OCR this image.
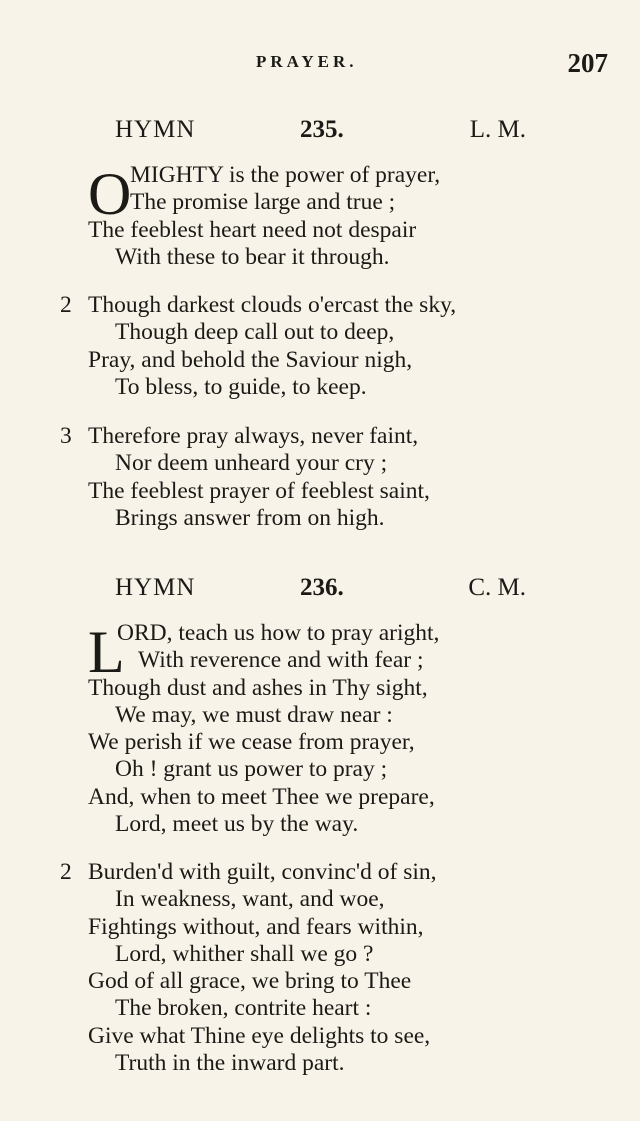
PRAYER.	207
HYMN	235.	L. M.
O
MIGHTY is the power of prayer,
The promise large and true ;
The feeblest heart need not despair
With these to bear it through.
2 Though darkest clouds o'ercast the sky,
Though deep call out to deep,
Pray, and behold the Saviour nigh,
To bless, to guide, to keep.
3 Therefore pray always, never faint,
Nor deem unheard your cry ;
The feeblest prayer of feeblest saint,
Brings answer from on high.
HYMN	236.	C. M.
L
ORD, teach us how to pray aright,
With reverence and with fear ;
Though dust and ashes in Thy sight,
We may, we must draw near :
We perish if we cease from prayer,
Oh ! grant us power to pray ;
And, when to meet Thee we prepare,
Lord, meet us by the way.
2 Burden'd with guilt, convinc'd of sin,
In weakness, want, and woe,
Fightings without, and fears within,
Lord, whither shall we go ?
God of all grace, we bring to Thee
The broken, contrite heart :
Give what Thine eye delights to see,
Truth in the inward part.
